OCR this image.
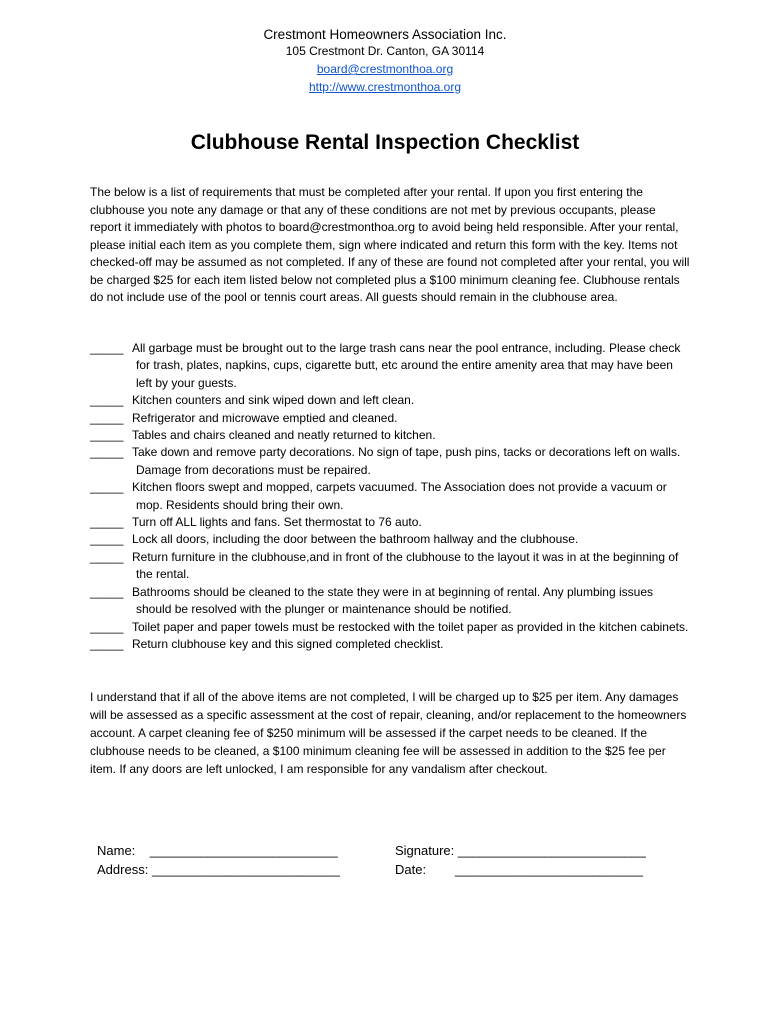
Crestmont Homeowners Association Inc.
105 Crestmont Dr. Canton, GA 30114
board@crestmonthoa.org
http://www.crestmonthoa.org
Clubhouse Rental Inspection Checklist

The below is a list of requirements that must be completed after your rental. If upon you first entering the clubhouse you note any damage or that any of these conditions are not met by previous occupants, please report it immediately with photos to board@crestmonthoa.org to avoid being held responsible. After your rental, please initial each item as you complete them, sign where indicated and return this form with the key. Items not checked-off may be assumed as not completed. If any of these are found not completed after your rental, you will be charged $25 for each item listed below not completed plus a $100 minimum cleaning fee. Clubhouse rentals do not include use of the pool or tennis court areas. All guests should remain in the clubhouse area.

_____ All garbage must be brought out to the large trash cans near the pool entrance, including. Please check for trash, plates, napkins, cups, cigarette butt, etc around the entire amenity area that may have been left by your guests.
_____ Kitchen counters and sink wiped down and left clean.
_____ Refrigerator and microwave emptied and cleaned.
_____ Tables and chairs cleaned and neatly returned to kitchen.
_____ Take down and remove party decorations. No sign of tape, push pins, tacks or decorations left on walls. Damage from decorations must be repaired.
_____ Kitchen floors swept and mopped, carpets vacuumed. The Association does not provide a vacuum or mop. Residents should bring their own.
_____ Turn off ALL lights and fans. Set thermostat to 76 auto.
_____ Lock all doors, including the door between the bathroom hallway and the clubhouse.
_____ Return furniture in the clubhouse,and in front of the clubhouse to the layout it was in at the beginning of the rental.
_____ Bathrooms should be cleaned to the state they were in at beginning of rental. Any plumbing issues should be resolved with the plunger or maintenance should be notified.
_____ Toilet paper and paper towels must be restocked with the toilet paper as provided in the kitchen cabinets.
_____ Return clubhouse key and this signed completed checklist.

I understand that if all of the above items are not completed, I will be charged up to $25 per item. Any damages will be assessed as a specific assessment at the cost of repair, cleaning, and/or replacement to the homeowners account. A carpet cleaning fee of $250 minimum will be assessed if the carpet needs to be cleaned. If the clubhouse needs to be cleaned, a $100 minimum cleaning fee will be assessed in addition to the $25 fee per item. If any doors are left unlocked, I am responsible for any vandalism after checkout.

Name: __________________________
Address: __________________________
Signature: __________________________
Date: __________________________
